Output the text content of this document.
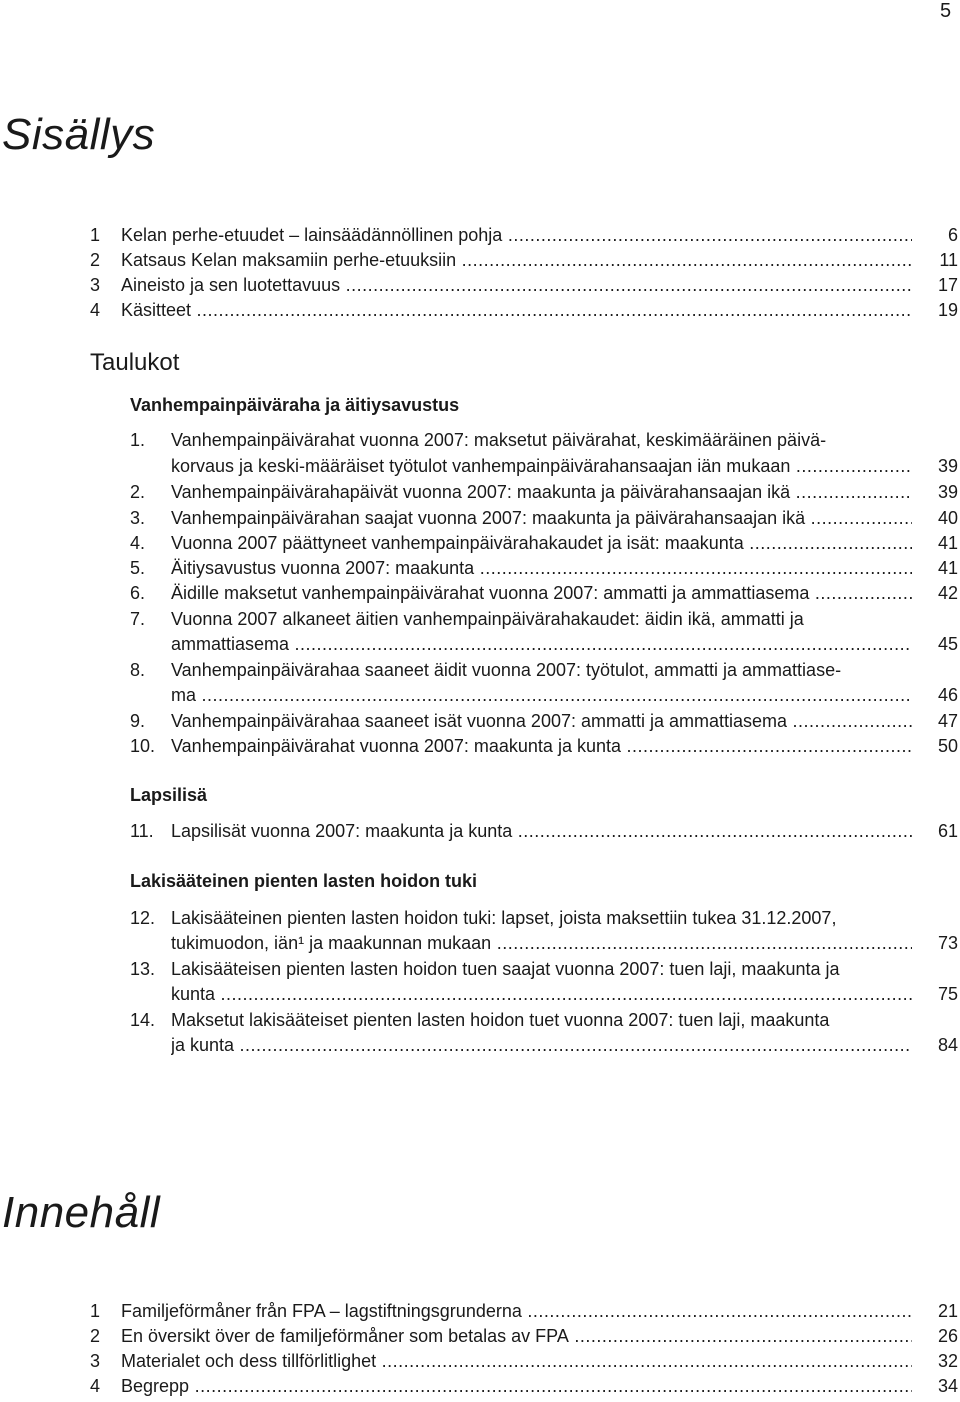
5
Sisällys
1 Kelan perhe-etuudet – lainsäädännöllinen pohja .....	6
2 Katsaus Kelan maksamiin perhe-etuuksiin .....	11
3 Aineisto ja sen luotettavuus .....	17
4 Käsitteet .....	19
Taulukot
Vanhempainpäiväraha ja äitiysavustus
1.	Vanhempainpäivärahat vuonna 2007: maksetut päivärahat, keskimääräinen päivä-
korvaus ja keski-määräiset työtulot vanhempainpäivärahansaajan iän mukaan .....	39
2.	Vanhempainpäivärahapäivät vuonna 2007: maakunta ja päivärahansaajan ikä .....	39
3.	Vanhempainpäivärahan saajat vuonna 2007: maakunta ja päivärahansaajan ikä .....	40
4.	Vuonna 2007 päättyneet vanhempainpäivärahakaudet ja isät: maakunta .....	41
5.	Äitiysavustus vuonna 2007: maakunta .....	41
6.	Äidille maksetut vanhempainpäivärahat vuonna 2007: ammatti ja ammattiasema .....	42
7.	Vuonna 2007 alkaneet äitien vanhempainpäivärahakaudet: äidin ikä, ammatti ja
ammattiasema .....	45
8.	Vanhempainpäivärahaa saaneet äidit vuonna 2007: työtulot, ammatti ja ammattiase-
ma .....	46
9.	Vanhempainpäivärahaa saaneet isät vuonna 2007: ammatti ja ammattiasema .....	47
10. Vanhempainpäivärahat vuonna 2007: maakunta ja kunta .....	50
Lapsilisä
11. Lapsilisät vuonna 2007: maakunta ja kunta .....	61
Lakisääteinen pienten lasten hoidon tuki
12. Lakisääteinen pienten lasten hoidon tuki: lapset, joista maksettiin tukea 31.12.2007,
tukimuodon, iän¹ ja maakunnan mukaan .....	73
13. Lakisääteisen pienten lasten hoidon tuen saajat vuonna 2007: tuen laji, maakunta ja
kunta .....	75
14. Maksetut lakisääteiset pienten lasten hoidon tuet vuonna 2007: tuen laji, maakunta
ja kunta .....	84
Innehåll
1 Familjeförmåner från FPA – lagstiftningsgrunderna .....	21
2 En översikt över de familjeförmåner som betalas av FPA .....	26
3 Materialet och dess tillförlitlighet .....	32
4 Begrepp .....	34
